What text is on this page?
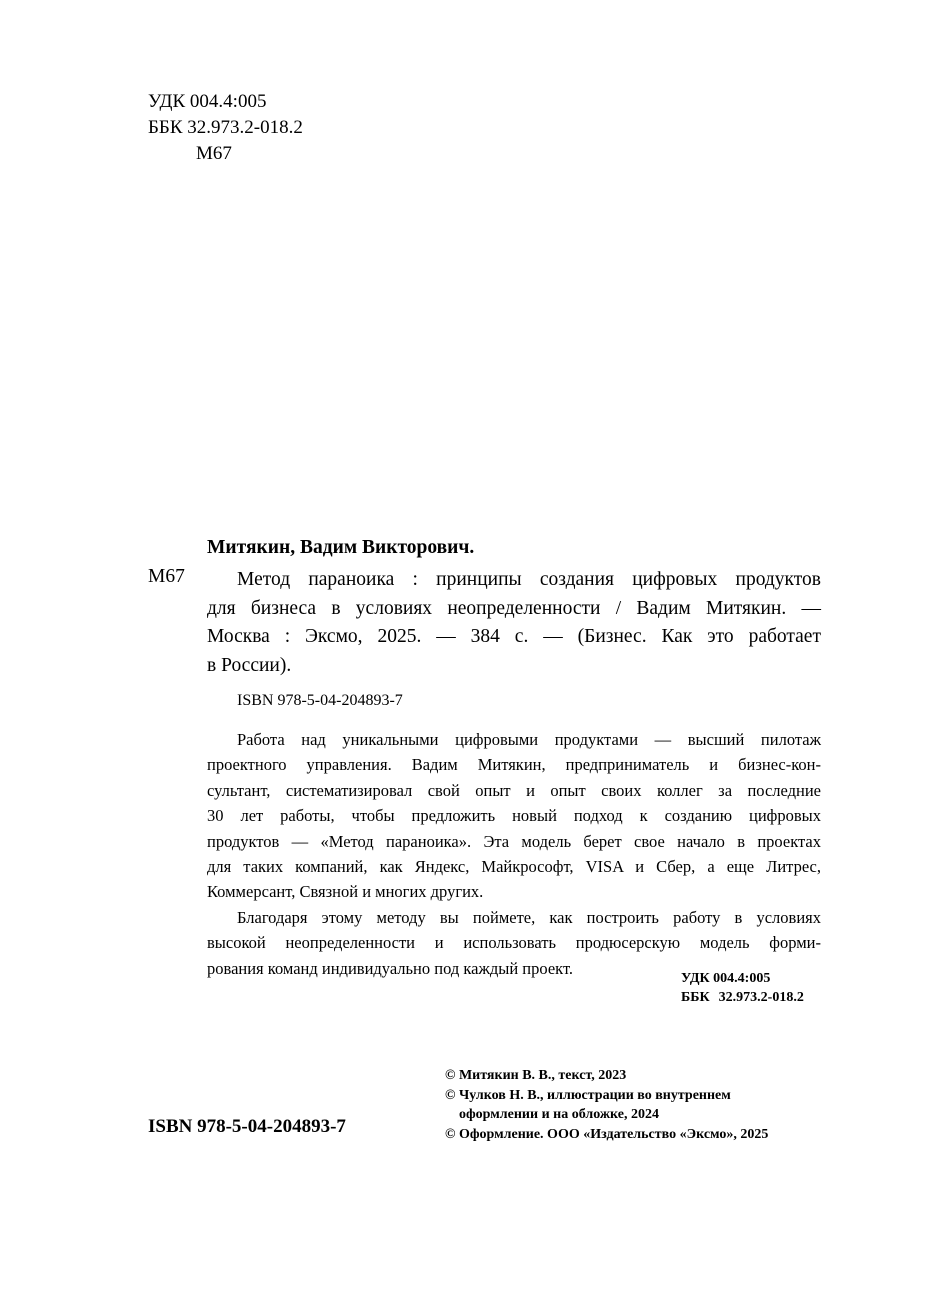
УДК 004.4:005
ББК 32.973.2-018.2
М67
Митякин, Вадим Викторович.
М67	Метод параноика : принципы создания цифровых продуктов
для бизнеса в условиях неопределенности / Вадим Митякин. —
Москва : Эксмо, 2025. — 384 с. — (Бизнес. Как это работает
в России).
ISBN 978-5-04-204893-7
Работа над уникальными цифровыми продуктами — высший пилотаж
проектного управления. Вадим Митякин, предприниматель и бизнес-кон-
сультант, систематизировал свой опыт и опыт своих коллег за последние
30 лет работы, чтобы предложить новый подход к созданию цифровых
продуктов — «Метод параноика». Эта модель берет свое начало в проектах
для таких компаний, как Яндекс, Майкрософт, VISA и Сбер, а еще Литрес,
Коммерсант, Связной и многих других.
Благодаря этому методу вы поймете, как построить работу в условиях
высокой неопределенности и использовать продюсерскую модель форми-
рования команд индивидуально под каждый проект.
УДК 004.4:005
ББК 32.973.2-018.2
ISBN 978-5-04-204893-7
© Митякин В. В., текст, 2023
© Чулков Н. В., иллюстрации во внутреннем
оформлении и на обложке, 2024
© Оформление. ООО «Издательство «Эксмо», 2025
